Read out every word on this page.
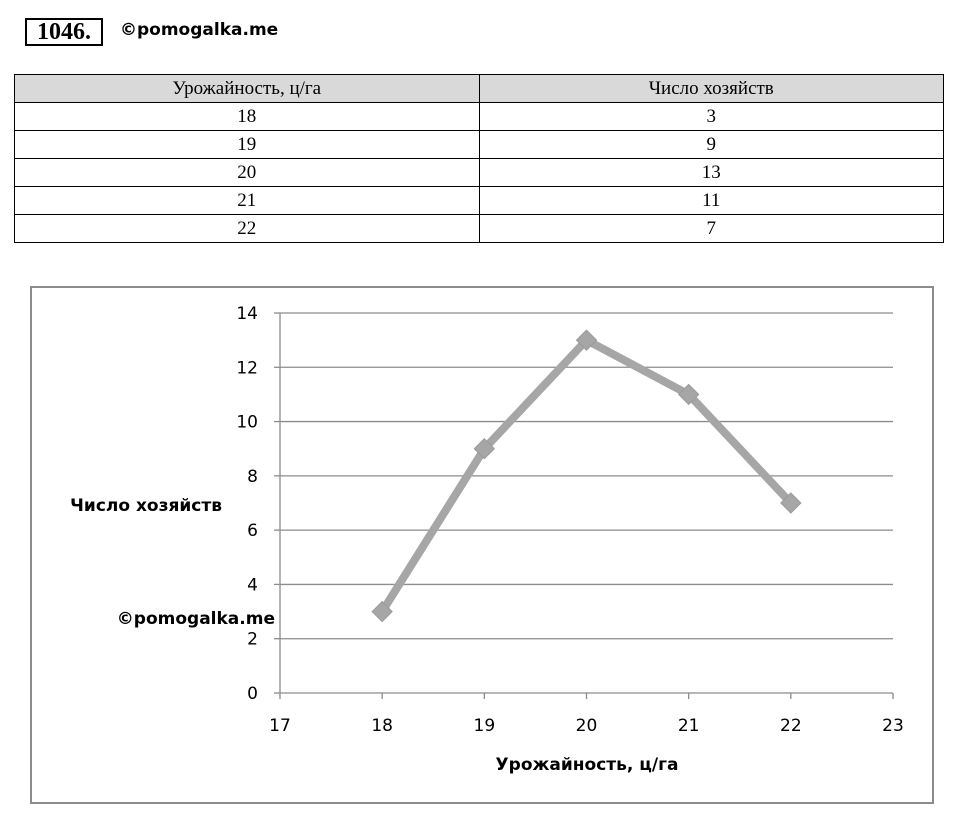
1046.	©pomogalka.me
Урожайность, ц/га	Число хозяйств
18	3
19	9
20	13
21	11
22	7
0
2
4
6
8
10
12
14
17	18	19	20	21	22	23
Число хозяйств
Урожайность, ц/га
©pomogalka.me
